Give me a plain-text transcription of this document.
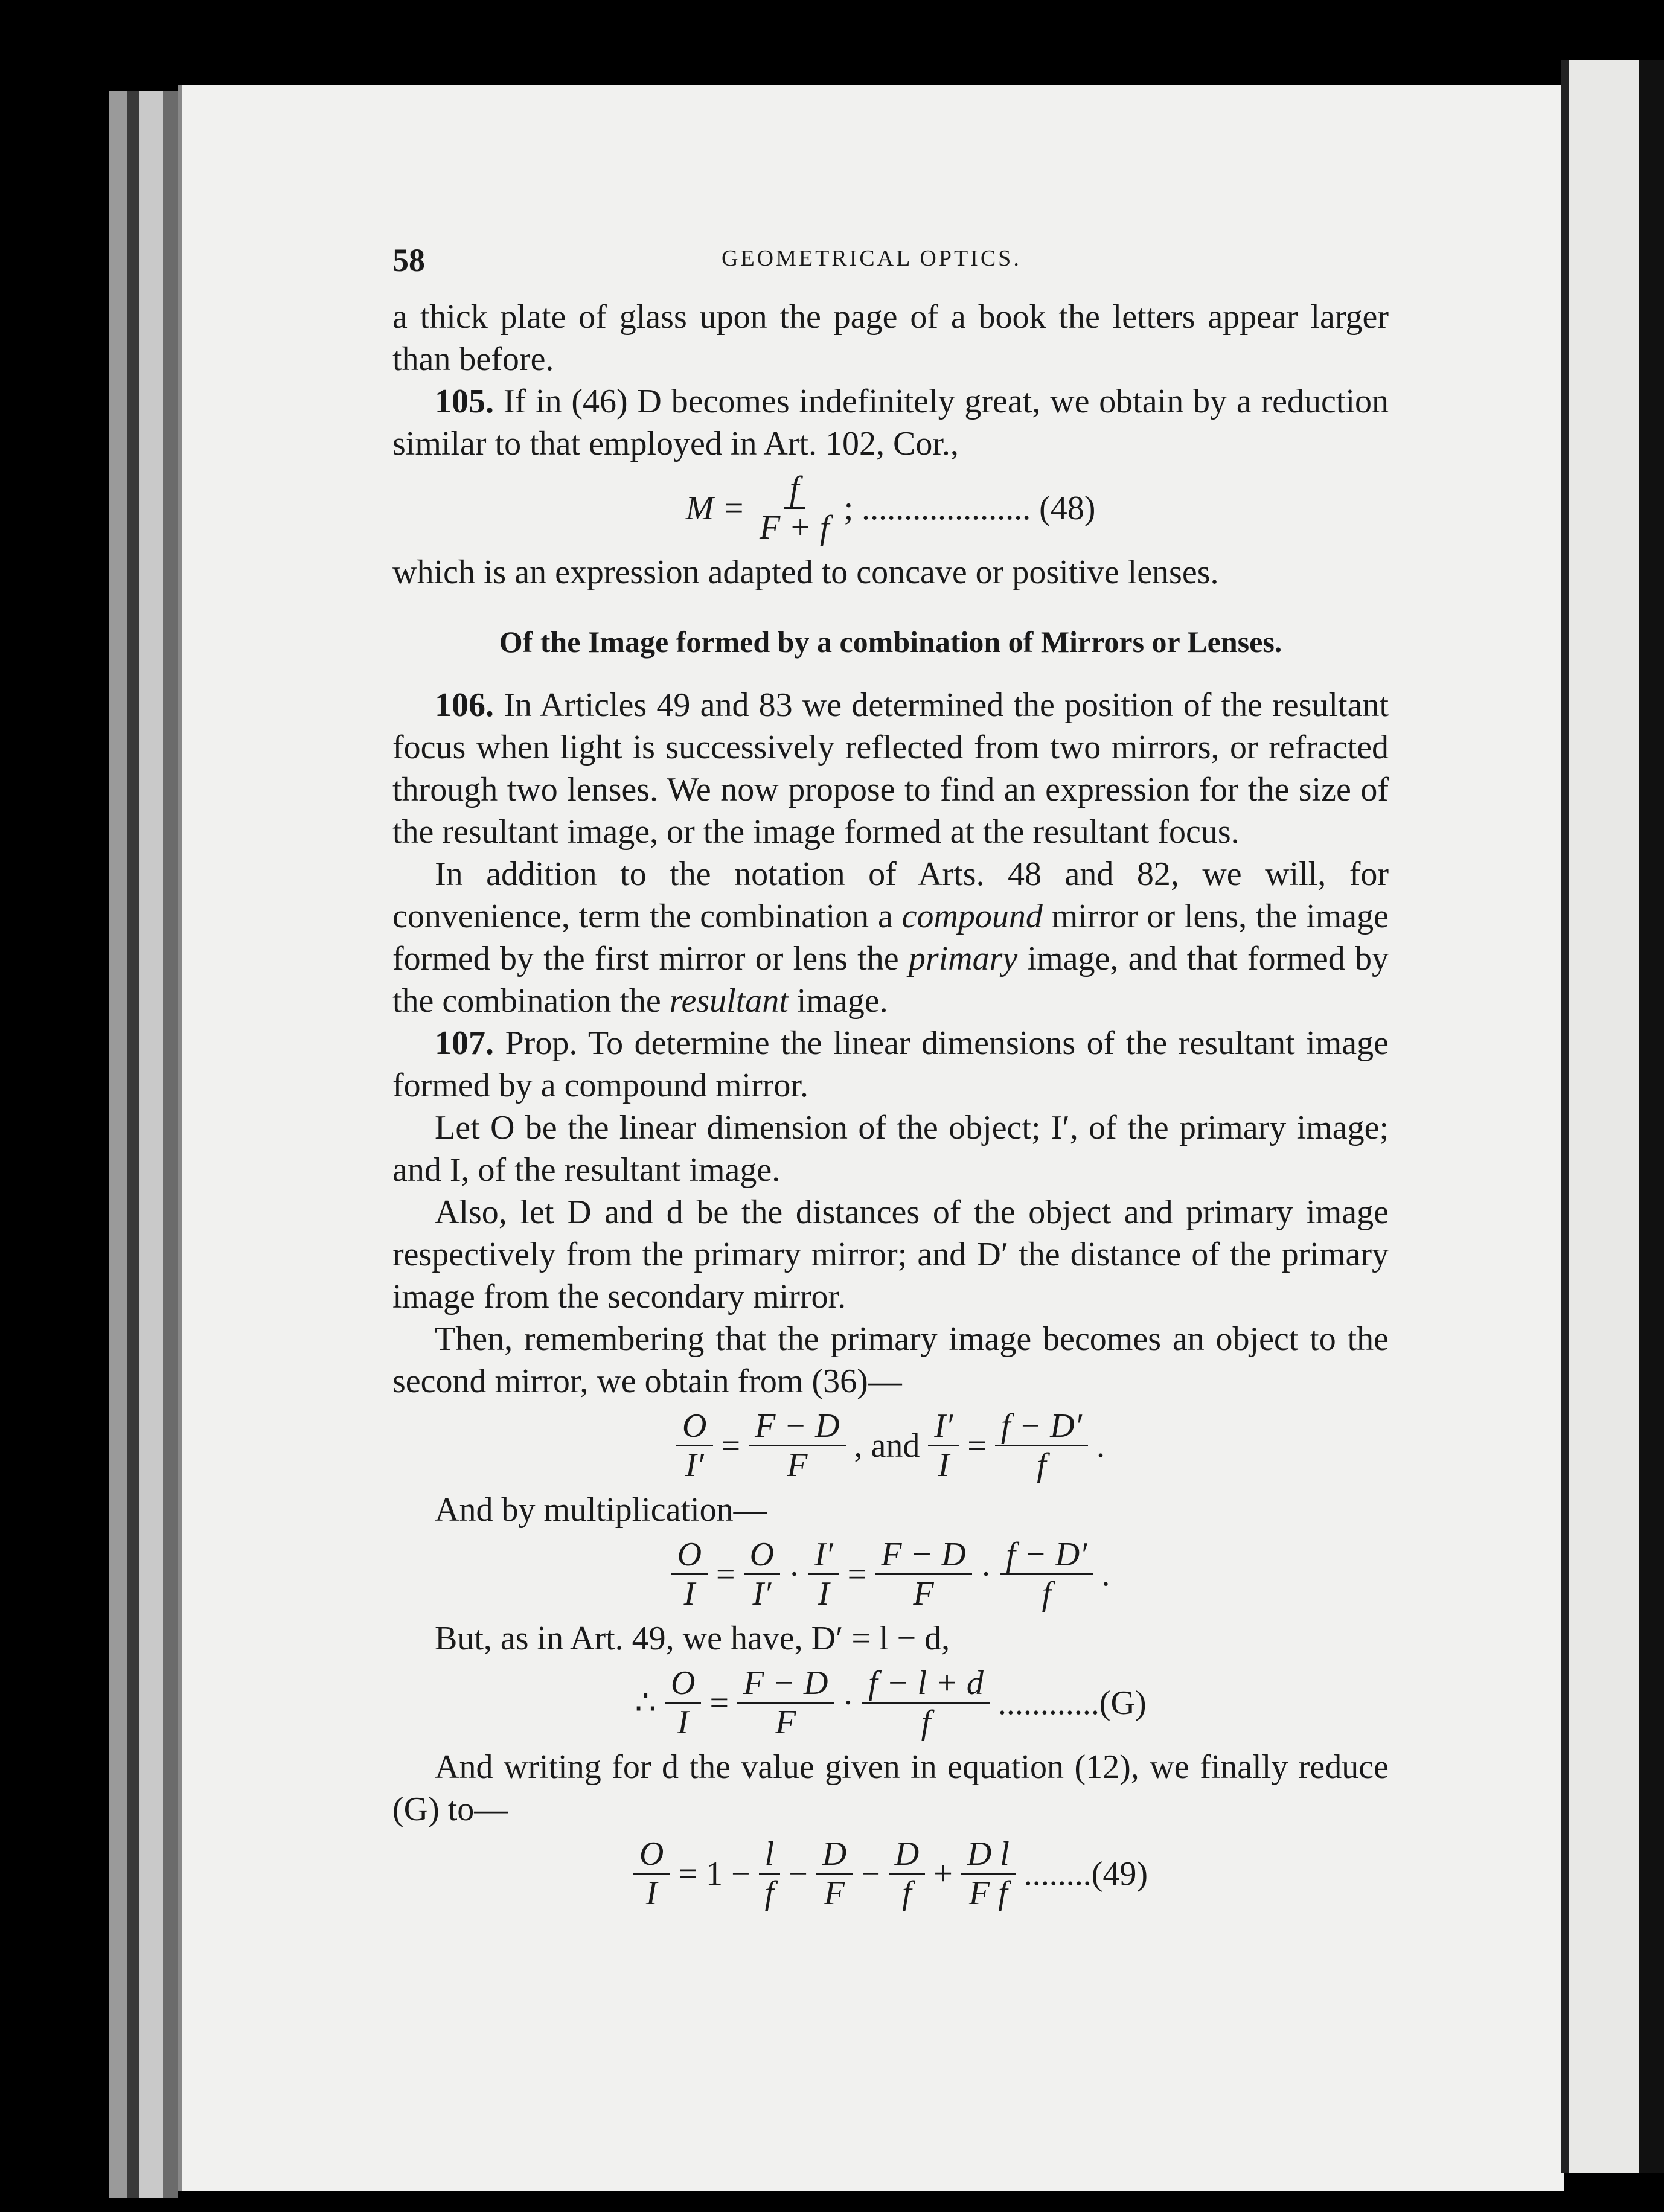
58	GEOMETRICAL OPTICS.

a thick plate of glass upon the page of a book the letters appear larger than before.

105. If in (46) D becomes indefinitely great, we obtain by a reduction similar to that employed in Art. 102, Cor.,

$M = \frac{f}{F + f}$ ; .................... (48)

which is an expression adapted to concave or positive lenses.

Of the Image formed by a combination of Mirrors or Lenses.

106. In Articles 49 and 83 we determined the position of the resultant focus when light is successively reflected from two mirrors, or refracted through two lenses. We now propose to find an expression for the size of the resultant image, or the image formed at the resultant focus.

In addition to the notation of Arts. 48 and 82, we will, for convenience, term the combination a compound mirror or lens, the image formed by the first mirror or lens the primary image, and that formed by the combination the resultant image.

107. Prop. To determine the linear dimensions of the resultant image formed by a compound mirror.

Let O be the linear dimension of the object; I′, of the primary image; and I, of the resultant image.

Also, let D and d be the distances of the object and primary image respectively from the primary mirror; and D′ the distance of the primary image from the secondary mirror.

Then, remembering that the primary image becomes an object to the second mirror, we obtain from (36)—

$\frac{O}{I'} = \frac{F - D}{F}$ , and $\frac{I'}{I} = \frac{f - D'}{f}$ .

And by multiplication—

$\frac{O}{I} = \frac{O}{I'} \cdot \frac{I'}{I} = \frac{F - D}{F} \cdot \frac{f - D'}{f}$ .

But, as in Art. 49, we have, D′ = l − d,

∴ $\frac{O}{I} = \frac{F - D}{F} \cdot \frac{f - l + d}{f} ............(G)$

And writing for d the value given in equation (12), we finally reduce (G) to—

$\frac{O}{I} = 1 - \frac{l}{f} - \frac{D}{F} - \frac{D}{f} + \frac{\text{D l}}{\text{F f}} ........(49)$
